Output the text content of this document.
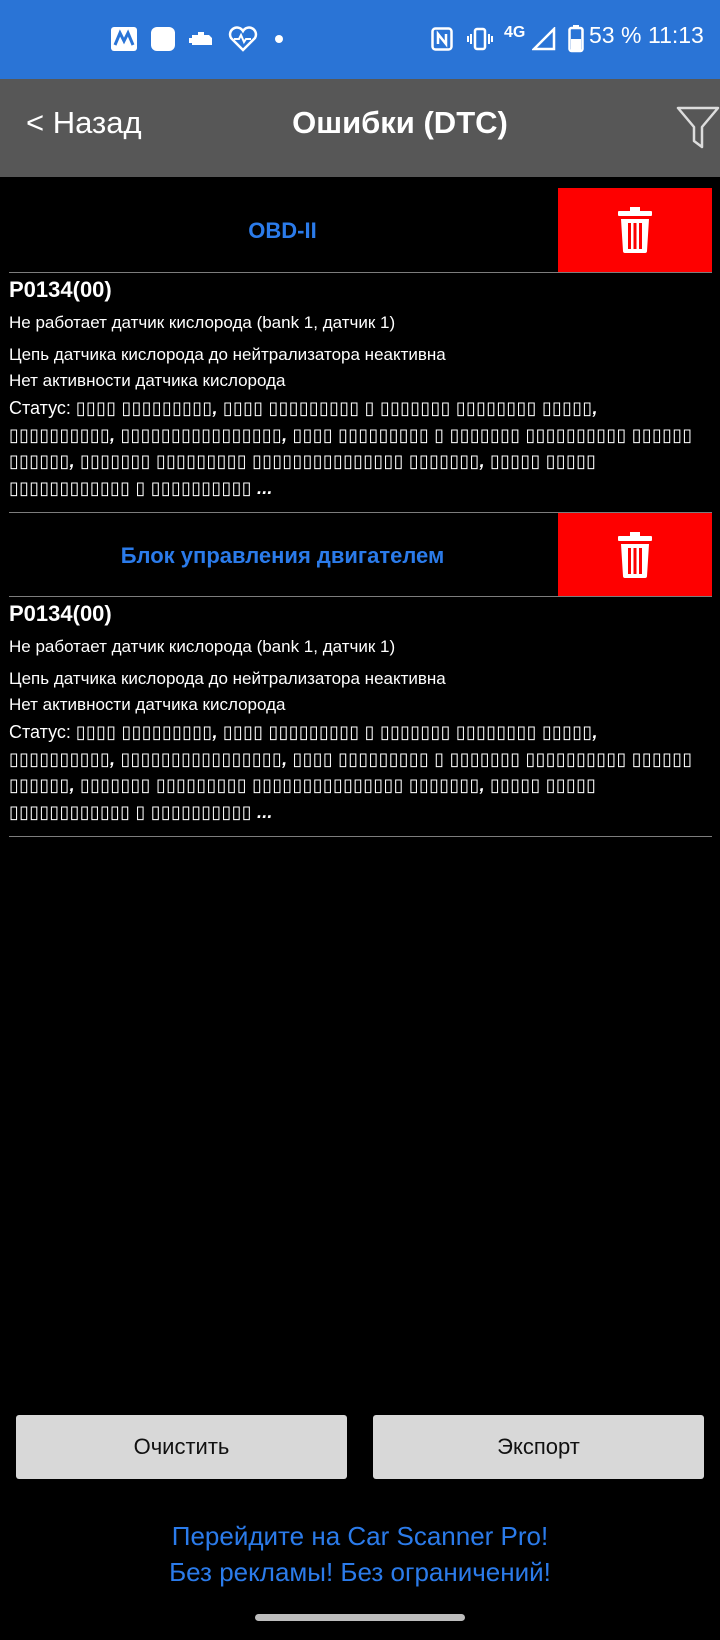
4G	53 % 11:13
< Назад	Ошибки (DTC)
OBD-II
P0134(00)
Не работает датчик кислорода (bank 1, датчик 1)
Цепь датчика кислорода до нейтрализатора неактивна
Нет активности датчика кислорода
Статус: ▯▯▯▯ ▯▯▯▯▯▯▯▯▯, ▯▯▯▯ ▯▯▯▯▯▯▯▯▯ ▯ ▯▯▯▯▯▯▯ ▯▯▯▯▯▯▯▯ ▯▯▯▯▯, ▯▯▯▯▯▯▯▯▯▯, ▯▯▯▯▯▯▯▯▯▯▯▯▯▯▯▯, ▯▯▯▯ ▯▯▯▯▯▯▯▯▯ ▯ ▯▯▯▯▯▯▯ ▯▯▯▯▯▯▯▯▯▯ ▯▯▯▯▯▯ ▯▯▯▯▯▯, ▯▯▯▯▯▯▯ ▯▯▯▯▯▯▯▯▯ ▯▯▯▯▯▯▯▯▯▯▯▯▯▯▯ ▯▯▯▯▯▯▯, ▯▯▯▯▯ ▯▯▯▯▯ ▯▯▯▯▯▯▯▯▯▯▯▯ ▯ ▯▯▯▯▯▯▯▯▯▯ ...
Блок управления двигателем
P0134(00)
Не работает датчик кислорода (bank 1, датчик 1)
Цепь датчика кислорода до нейтрализатора неактивна
Нет активности датчика кислорода
Статус: ▯▯▯▯ ▯▯▯▯▯▯▯▯▯, ▯▯▯▯ ▯▯▯▯▯▯▯▯▯ ▯ ▯▯▯▯▯▯▯ ▯▯▯▯▯▯▯▯ ▯▯▯▯▯, ▯▯▯▯▯▯▯▯▯▯, ▯▯▯▯▯▯▯▯▯▯▯▯▯▯▯▯, ▯▯▯▯ ▯▯▯▯▯▯▯▯▯ ▯ ▯▯▯▯▯▯▯ ▯▯▯▯▯▯▯▯▯▯ ▯▯▯▯▯▯ ▯▯▯▯▯▯, ▯▯▯▯▯▯▯ ▯▯▯▯▯▯▯▯▯ ▯▯▯▯▯▯▯▯▯▯▯▯▯▯▯ ▯▯▯▯▯▯▯, ▯▯▯▯▯ ▯▯▯▯▯ ▯▯▯▯▯▯▯▯▯▯▯▯ ▯ ▯▯▯▯▯▯▯▯▯▯ ...
Очистить	Экспорт
Перейдите на Car Scanner Pro!
Без рекламы! Без ограничений!
